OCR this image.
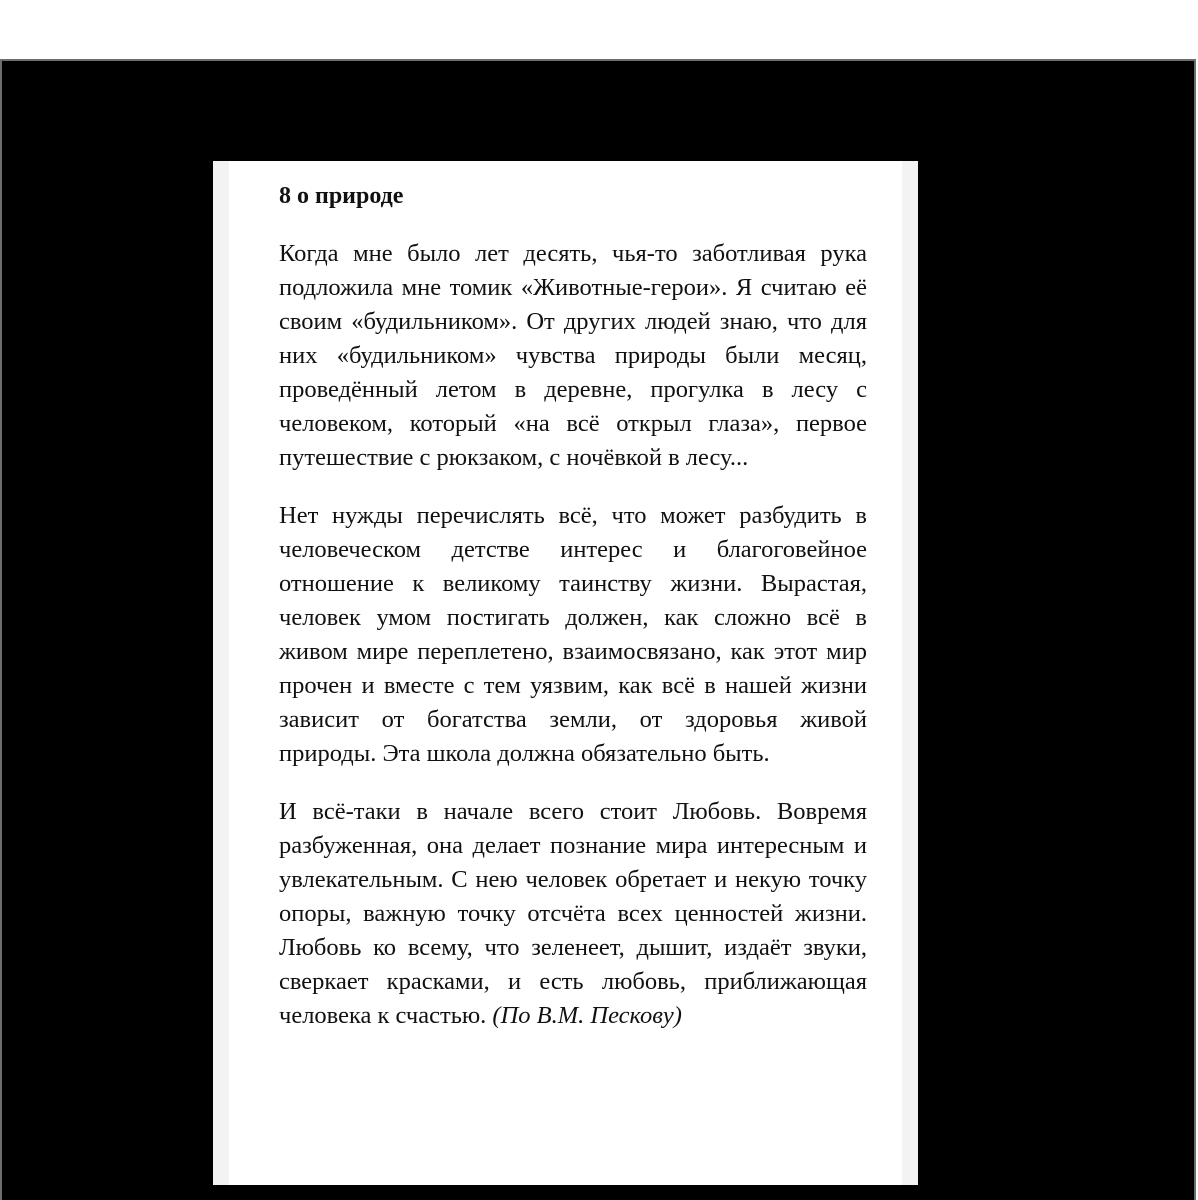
8 о природе

Когда мне было лет десять, чья-то заботливая рука подложила мне томик «Животные-герои». Я считаю её своим «будильником». От других людей знаю, что для них «будильником» чувства природы были месяц, проведённый летом в деревне, прогулка в лесу с человеком, который «на всё открыл глаза», первое путешествие с рюкзаком, с ночёвкой в лесу...

Нет нужды перечислять всё, что может разбудить в человеческом детстве интерес и благоговейное отношение к великому таинству жизни. Вырастая, человек умом постигать должен, как сложно всё в живом мире переплетено, взаимосвязано, как этот мир прочен и вместе с тем уязвим, как всё в нашей жизни зависит от богатства земли, от здоровья живой природы. Эта школа должна обязательно быть.

И всё-таки в начале всего стоит Любовь. Вовремя разбуженная, она делает познание мира интересным и увлекательным. С нею человек обретает и некую точку опоры, важную точку отсчёта всех ценностей жизни. Любовь ко всему, что зеленеет, дышит, издаёт звуки, сверкает красками, и есть любовь, приближающая человека к счастью. (По В.М. Пескову)
